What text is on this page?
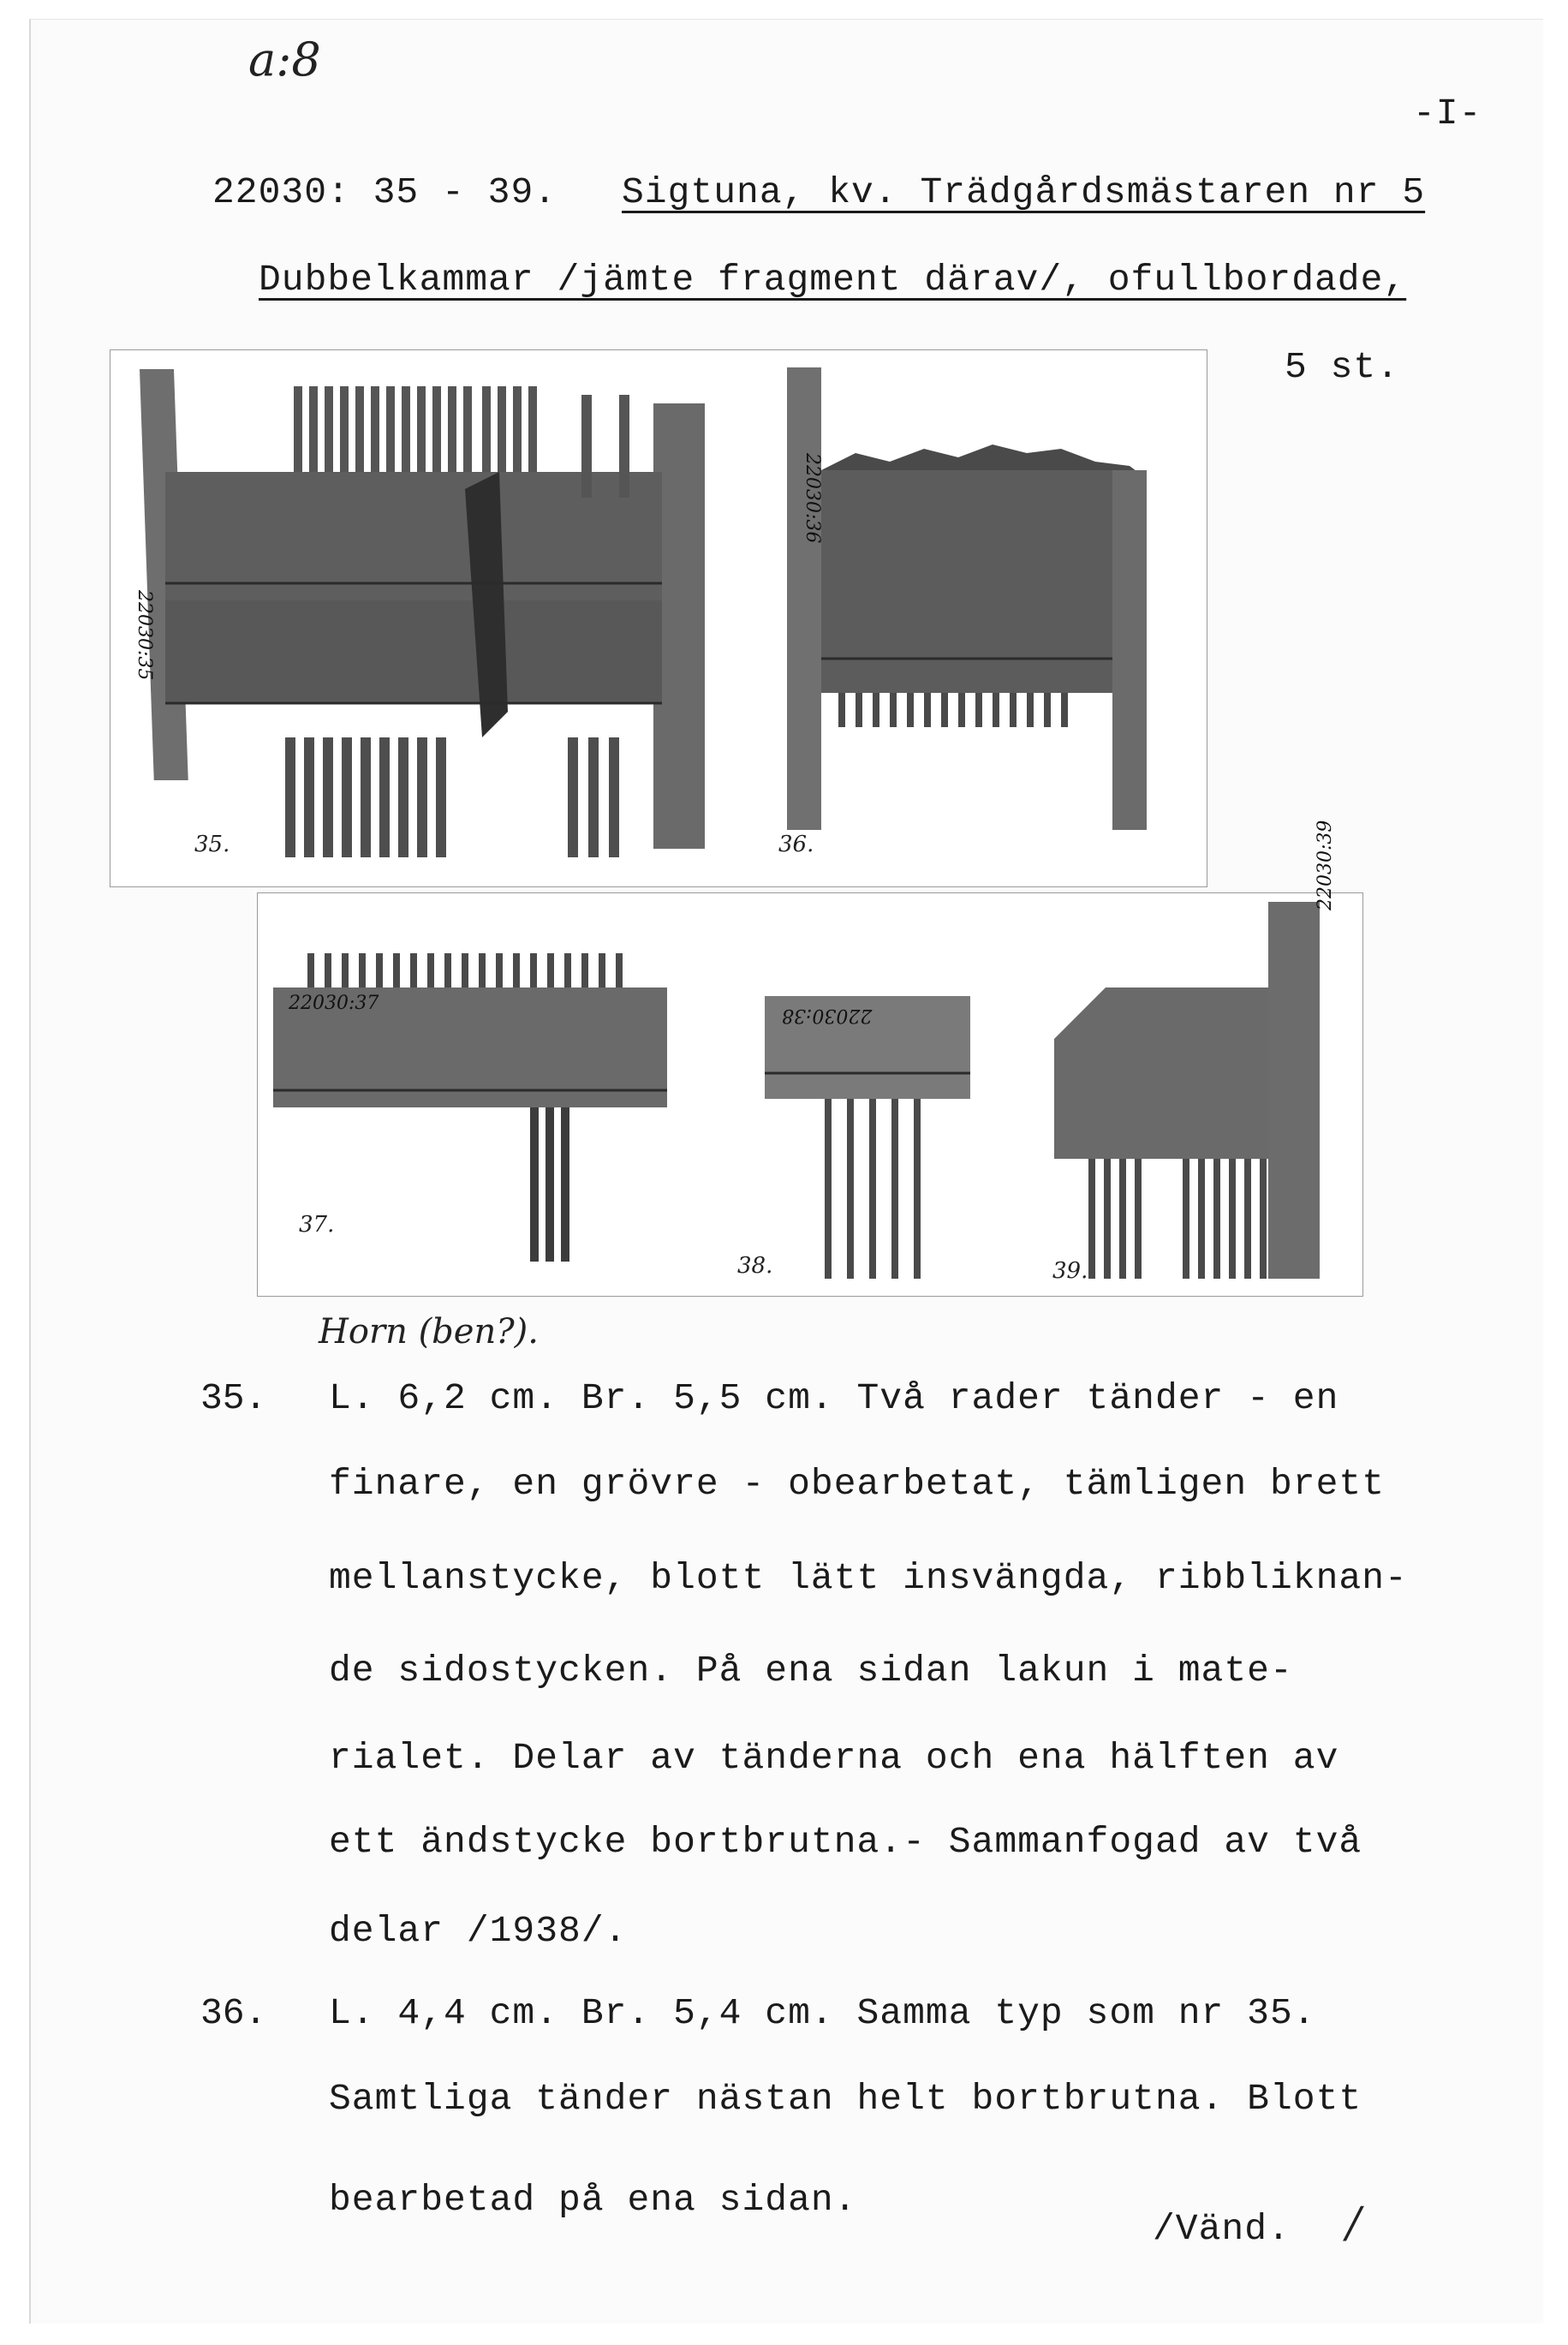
a:8
-I-
22030: 35 - 39. Sigtuna, kv. Trädgårdsmästaren nr 5
Dubbelkammar /jämte fragment därav/, ofullbordade,
5 st.
22030:35
35.
22030:36
36.
22030:37
37.
22030:38
38.
22030:39
39.
Horn (ben?).
35. L. 6,2 cm. Br. 5,5 cm. Två rader tänder - en
finare, en grövre - obearbetat, tämligen brett
mellanstycke, blott lätt insvängda, ribbliknan-
de sidostycken. På ena sidan lakun i mate-
rialet. Delar av tänderna och ena hälften av
ett ändstycke bortbrutna.- Sammanfogad av två
delar /1938/.
36. L. 4,4 cm. Br. 5,4 cm. Samma typ som nr 35.
Samtliga tänder nästan helt bortbrutna. Blott
bearbetad på ena sidan.
/Vänd. /
